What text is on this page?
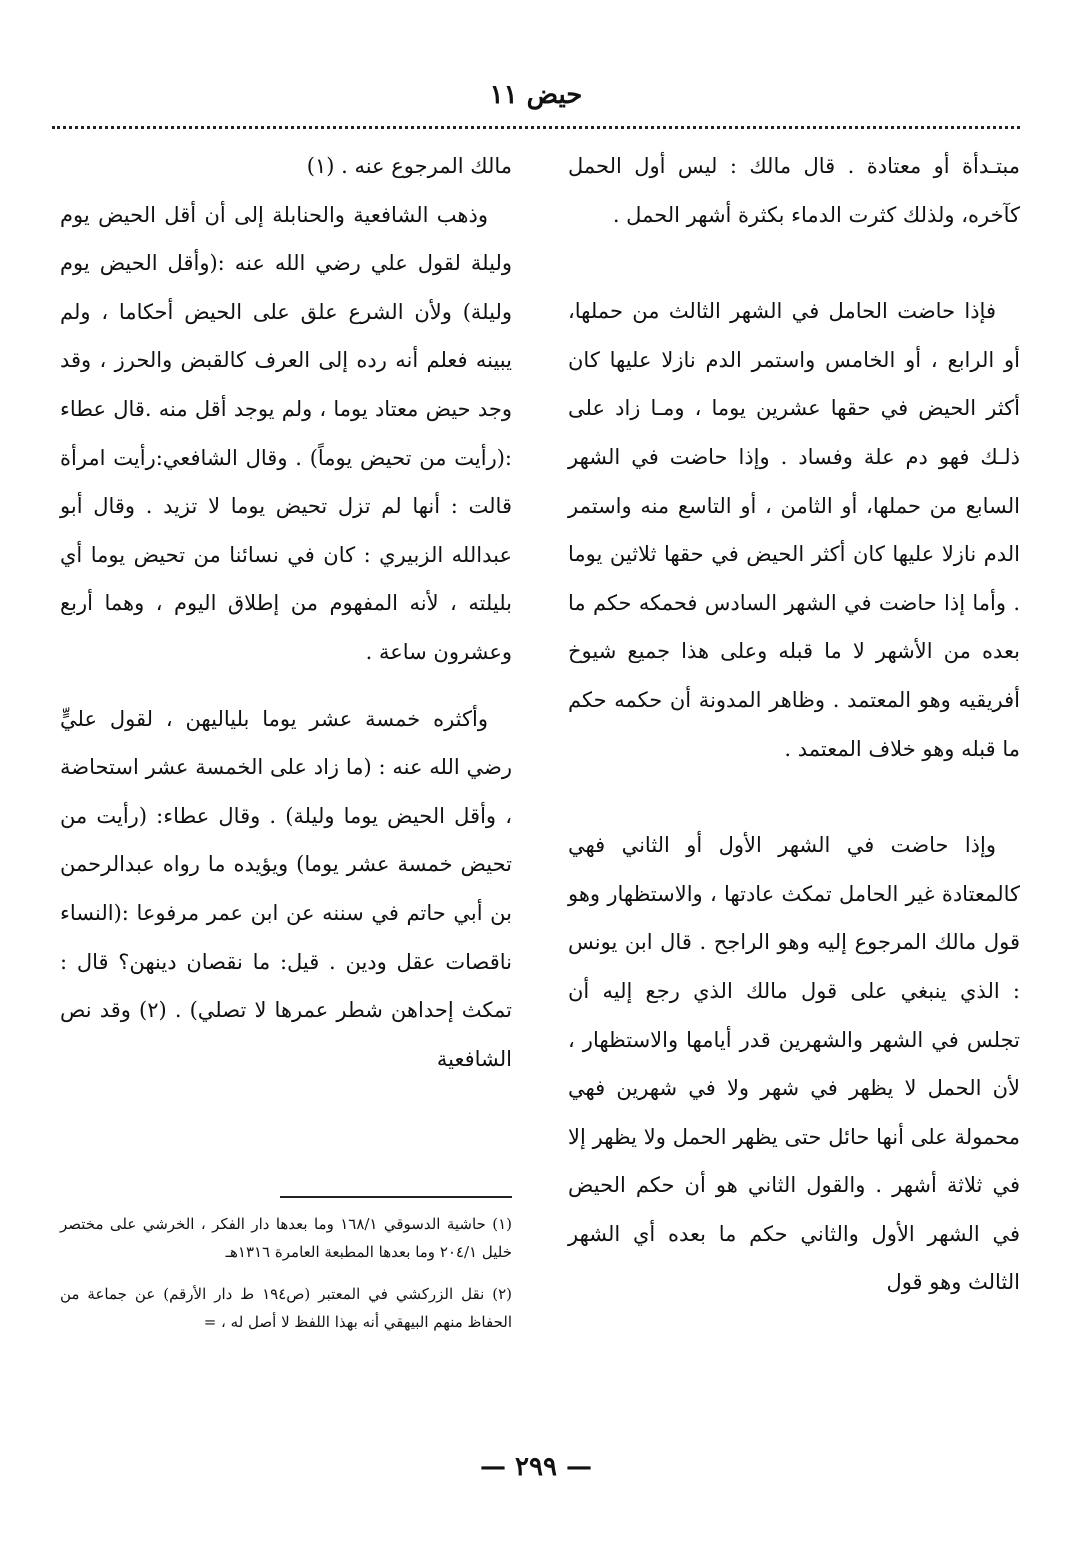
حيض ١١

مبتـدأة أو معتادة . قال مالك : ليس أول الحمل كآخره، ولذلك كثرت الدماء بكثرة أشهر الحمل .

فإذا حاضت الحامل في الشهر الثالث من حملها، أو الرابع ، أو الخامس واستمر الدم نازلا عليها كان أكثر الحيض في حقها عشرين يوما ، ومـا زاد على ذلـك فهو دم علة وفساد . وإذا حاضت في الشهر السابع من حملها، أو الثامن ، أو التاسع منه واستمر الدم نازلا عليها كان أكثر الحيض في حقها ثلاثين يوما . وأما إذا حاضت في الشهر السادس فحمكه حكم ما بعده من الأشهر لا ما قبله وعلى هذا جميع شيوخ أفريقيه وهو المعتمد . وظاهر المدونة أن حكمه حكم ما قبله وهو خلاف المعتمد .

وإذا حاضت في الشهر الأول أو الثاني فهي كالمعتادة غير الحامل تمكث عادتها ، والاستظهار وهو قول مالك المرجوع إليه وهو الراجح . قال ابن يونس : الذي ينبغي على قول مالك الذي رجع إليه أن تجلس في الشهر والشهرين قدر أيامها والاستظهار ، لأن الحمل لا يظهر في شهر ولا في شهرين فهي محمولة على أنها حائل حتى يظهر الحمل ولا يظهر إلا في ثلاثة أشهر . والقول الثاني هو أن حكم الحيض في الشهر الأول والثاني حكم ما بعده أي الشهر الثالث وهو قول

مالك المرجوع عنه . (١)

وذهب الشافعية والحنابلة إلى أن أقل الحيض يوم وليلة لقول علي رضي الله عنه :(وأقل الحيض يوم وليلة) ولأن الشرع علق على الحيض أحكاما ، ولم يبينه فعلم أنه رده إلى العرف كالقبض والحرز ، وقد وجد حيض معتاد يوما ، ولم يوجد أقل منه .قال عطاء :(رأيت من تحيض يوماً) . وقال الشافعي:رأيت امرأة قالت : أنها لم تزل تحيض يوما لا تزيد . وقال أبو عبدالله الزبيري : كان في نسائنا من تحيض يوما أي بليلته ، لأنه المفهوم من إطلاق اليوم ، وهما أربع وعشرون ساعة .

وأكثره خمسة عشر يوما بلياليهن ، لقول عليٍّ رضي الله عنه : (ما زاد على الخمسة عشر استحاضة ، وأقل الحيض يوما وليلة) . وقال عطاء: (رأيت من تحيض خمسة عشر يوما) ويؤيده ما رواه عبدالرحمن بن أبي حاتم في سننه عن ابن عمر مرفوعا :(النساء ناقصات عقل ودين . قيل: ما نقصان دينهن؟ قال : تمكث إحداهن شطر عمرها لا تصلي) . (٢) وقد نص الشافعية

(١) حاشية الدسوقي ١٦٨/١ وما بعدها دار الفكر ، الخرشي على مختصر خليل ٢٠٤/١ وما بعدها المطبعة العامرة ١٣١٦هـ

(٢) نقل الزركشي في المعتبر (ص١٩٤ ط دار الأرقم) عن جماعة من الحفاظ منهم البيهقي أنه بهذا اللفظ لا أصل له ، =

— ٢٩٩ —
